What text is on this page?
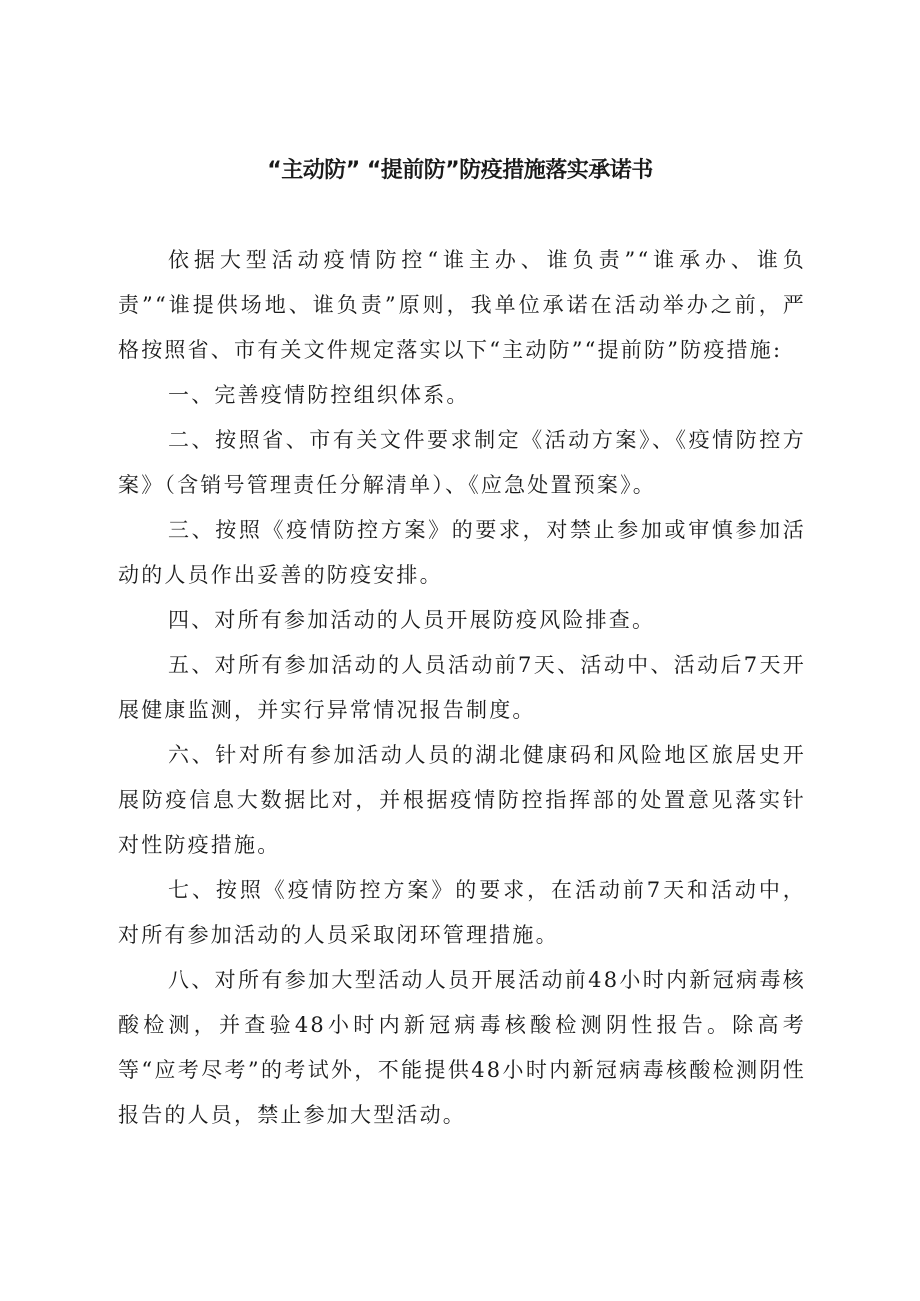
“主动防” “提前防”防疫措施落实承诺书

依据大型活动疫情防控“谁主办、谁负责”“谁承办、谁负责”“谁提供场地、谁负责”原则，我单位承诺在活动举办之前，严格按照省、市有关文件规定落实以下“主动防”“提前防”防疫措施:

一、完善疫情防控组织体系。

二、按照省、市有关文件要求制定《活动方案》、《疫情防控方案》（含销号管理责任分解清单）、《应急处置预案》。

三、按照《疫情防控方案》的要求，对禁止参加或审慎参加活动的人员作出妥善的防疫安排。

四、对所有参加活动的人员开展防疫风险排查。

五、对所有参加活动的人员活动前7天、活动中、活动后7天开展健康监测，并实行异常情况报告制度。

六、针对所有参加活动人员的湖北健康码和风险地区旅居史开展防疫信息大数据比对，并根据疫情防控指挥部的处置意见落实针对性防疫措施。

七、按照《疫情防控方案》的要求，在活动前7天和活动中，对所有参加活动的人员采取闭环管理措施。

八、对所有参加大型活动人员开展活动前48小时内新冠病毒核酸检测，并查验48小时内新冠病毒核酸检测阴性报告。除高考等“应考尽考”的考试外，不能提供48小时内新冠病毒核酸检测阴性报告的人员，禁止参加大型活动。
